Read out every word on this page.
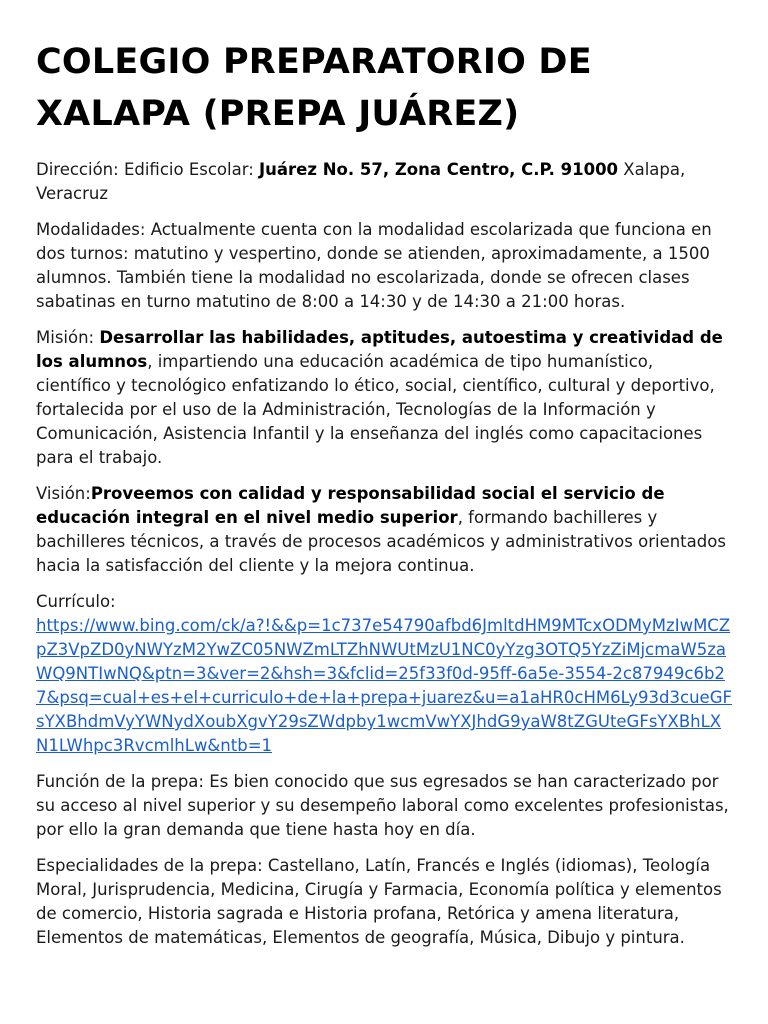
COLEGIO PREPARATORIO DE XALAPA (PREPA JUÁREZ)

Dirección: Edificio Escolar: Juárez No. 57, Zona Centro, C.P. 91000 Xalapa, Veracruz

Modalidades: Actualmente cuenta con la modalidad escolarizada que funciona en dos turnos: matutino y vespertino, donde se atienden, aproximadamente, a 1500 alumnos. También tiene la modalidad no escolarizada, donde se ofrecen clases sabatinas en turno matutino de 8:00 a 14:30 y de 14:30 a 21:00 horas.

Misión: Desarrollar las habilidades, aptitudes, autoestima y creatividad de los alumnos, impartiendo una educación académica de tipo humanístico, científico y tecnológico enfatizando lo ético, social, científico, cultural y deportivo, fortalecida por el uso de la Administración, Tecnologías de la Información y Comunicación, Asistencia Infantil y la enseñanza del inglés como capacitaciones para el trabajo.

Visión:Proveemos con calidad y responsabilidad social el servicio de educación integral en el nivel medio superior, formando bachilleres y bachilleres técnicos, a través de procesos académicos y administrativos orientados hacia la satisfacción del cliente y la mejora continua.

Currículo:
https://www.bing.com/ck/a?!&&p=1c737e54790afbd6JmltdHM9MTcxODMyMzIwMCZpZ3VpZD0yNWYzM2YwZC05NWZmLTZhNWUtMzU1NC0yYzg3OTQ5YzZiMjcmaW5zaWQ9NTIwNQ&ptn=3&ver=2&hsh=3&fclid=25f33f0d-95ff-6a5e-3554-2c87949c6b27&psq=cual+es+el+curriculo+de+la+prepa+juarez&u=a1aHR0cHM6Ly93d3cueGFsYXBhdmVyYWNydXoubXgvY29sZWdpby1wcmVwYXJhdG9yaW8tZGUteGFsYXBhLXN1LWhpc3RvcmlhLw&ntb=1

Función de la prepa: Es bien conocido que sus egresados se han caracterizado por su acceso al nivel superior y su desempeño laboral como excelentes profesionistas, por ello la gran demanda que tiene hasta hoy en día.

Especialidades de la prepa: Castellano, Latín, Francés e Inglés (idiomas), Teología Moral, Jurisprudencia, Medicina, Cirugía y Farmacia, Economía política y elementos de comercio, Historia sagrada e Historia profana, Retórica y amena literatura, Elementos de matemáticas, Elementos de geografía, Música, Dibujo y pintura.
